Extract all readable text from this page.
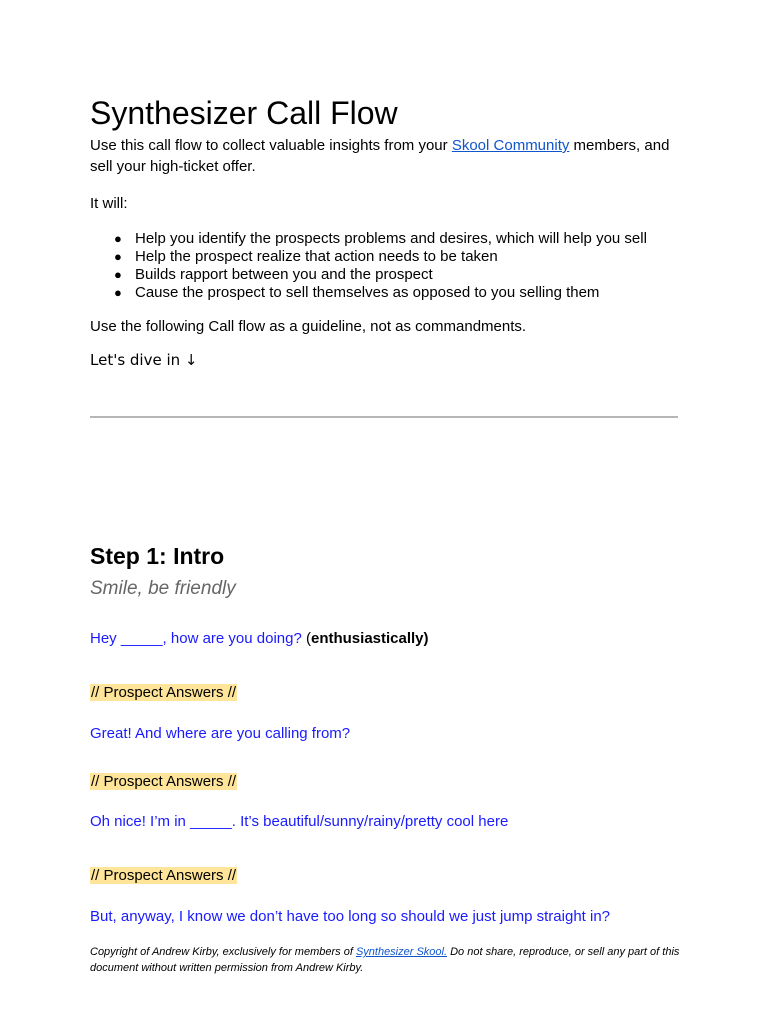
Synthesizer Call Flow

Use this call flow to collect valuable insights from your Skool Community members, and sell your high-ticket offer.

It will:

● Help you identify the prospects problems and desires, which will help you sell
● Help the prospect realize that action needs to be taken
● Builds rapport between you and the prospect
● Cause the prospect to sell themselves as opposed to you selling them

Use the following Call flow as a guideline, not as commandments.

Let's dive in ↓

Step 1: Intro

Smile, be friendly

Hey _____, how are you doing? (enthusiastically)

// Prospect Answers //

Great! And where are you calling from?

// Prospect Answers //

Oh nice! I’m in _____. It’s beautiful/sunny/rainy/pretty cool here

// Prospect Answers //

But, anyway, I know we don’t have too long so should we just jump straight in?

Copyright of Andrew Kirby, exclusively for members of Synthesizer Skool. Do not share, reproduce, or sell any part of this document without written permission from Andrew Kirby.
